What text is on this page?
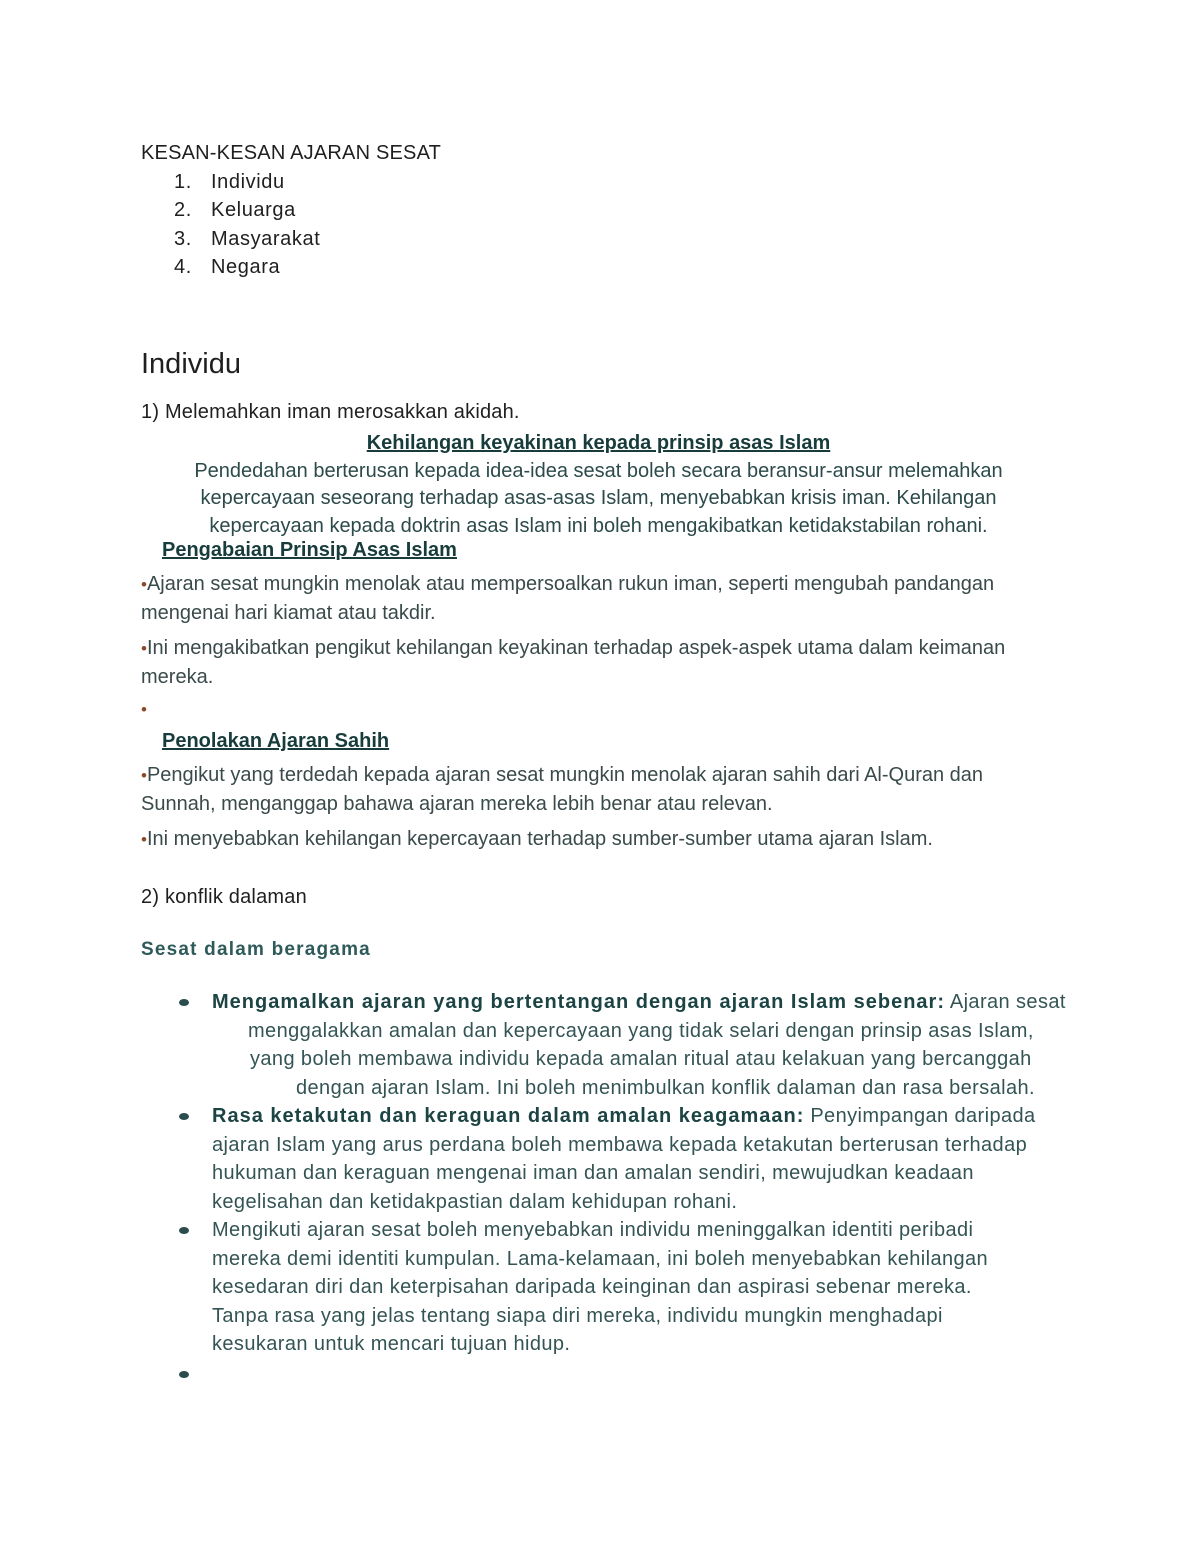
KESAN-KESAN AJARAN SESAT

1. Individu

2. Keluarga

3. Masyarakat

4. Negara

Individu

1) Melemahkan iman merosakkan akidah.

Kehilangan keyakinan kepada prinsip asas Islam
Pendedahan berterusan kepada idea-idea sesat boleh secara beransur-ansur melemahkan
kepercayaan seseorang terhadap asas-asas Islam, menyebabkan krisis iman. Kehilangan
kepercayaan kepada doktrin asas Islam ini boleh mengakibatkan ketidakstabilan rohani.

Pengabaian Prinsip Asas Islam

•Ajaran sesat mungkin menolak atau mempersoalkan rukun iman, seperti mengubah pandangan mengenai hari kiamat atau takdir.

•Ini mengakibatkan pengikut kehilangan keyakinan terhadap aspek-aspek utama dalam keimanan mereka.

•

Penolakan Ajaran Sahih

•Pengikut yang terdedah kepada ajaran sesat mungkin menolak ajaran sahih dari Al-Quran dan Sunnah, menganggap bahawa ajaran mereka lebih benar atau relevan.

•Ini menyebabkan kehilangan kepercayaan terhadap sumber-sumber utama ajaran Islam.

2) konflik dalaman

Sesat dalam beragama

Mengamalkan ajaran yang bertentangan dengan ajaran Islam sebenar: Ajaran sesat
menggalakkan amalan dan kepercayaan yang tidak selari dengan prinsip asas Islam,
yang boleh membawa individu kepada amalan ritual atau kelakuan yang bercanggah
dengan ajaran Islam. Ini boleh menimbulkan konflik dalaman dan rasa bersalah.
Rasa ketakutan dan keraguan dalam amalan keagamaan: Penyimpangan daripada
ajaran Islam yang arus perdana boleh membawa kepada ketakutan berterusan terhadap
hukuman dan keraguan mengenai iman dan amalan sendiri, mewujudkan keadaan
kegelisahan dan ketidakpastian dalam kehidupan rohani.
Mengikuti ajaran sesat boleh menyebabkan individu meninggalkan identiti peribadi
mereka demi identiti kumpulan. Lama-kelamaan, ini boleh menyebabkan kehilangan
kesedaran diri dan keterpisahan daripada keinginan dan aspirasi sebenar mereka.
Tanpa rasa yang jelas tentang siapa diri mereka, individu mungkin menghadapi
kesukaran untuk mencari tujuan hidup.
